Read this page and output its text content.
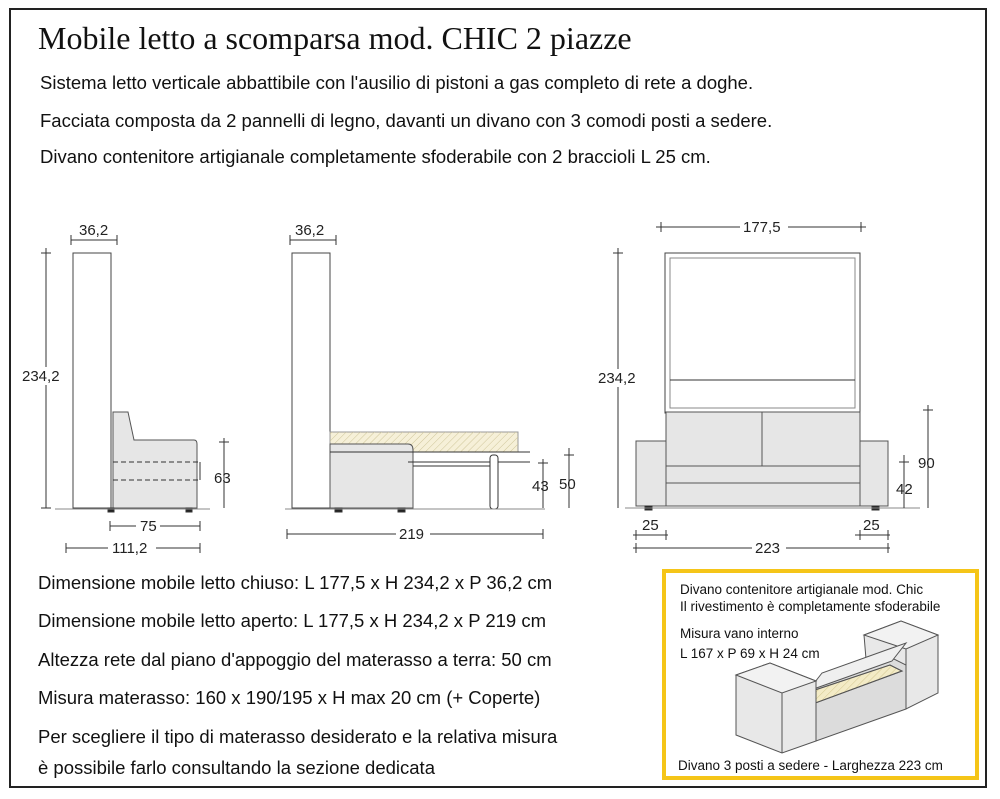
Mobile letto a scomparsa mod. CHIC 2 piazze
Sistema letto verticale abbattibile con l'ausilio di pistoni a gas completo di rete a doghe.
Facciata composta da 2 pannelli di legno, davanti un divano con 3 comodi posti a sedere.
Divano contenitore artigianale completamente sfoderabile con 2 braccioli L 25 cm.
36,2
234,2
63
75
111,2
36,2
219
43 50
177,5
234,2
90
42
25	25
223
Dimensione mobile letto chiuso: L 177,5 x H 234,2 x P 36,2 cm
Dimensione mobile letto aperto: L 177,5 x H 234,2 x P 219 cm
Altezza rete dal piano d'appoggio del materasso a terra: 50 cm
Misura materasso: 160 x 190/195 x H max 20 cm (+ Coperte)
Per scegliere il tipo di materasso desiderato e la relativa misura
è possibile farlo consultando la sezione dedicata
Divano contenitore artigianale mod. Chic
Il rivestimento è completamente sfoderabile
Misura vano interno
L 167 x P 69 x H 24 cm
Divano 3 posti a sedere - Larghezza 223 cm
